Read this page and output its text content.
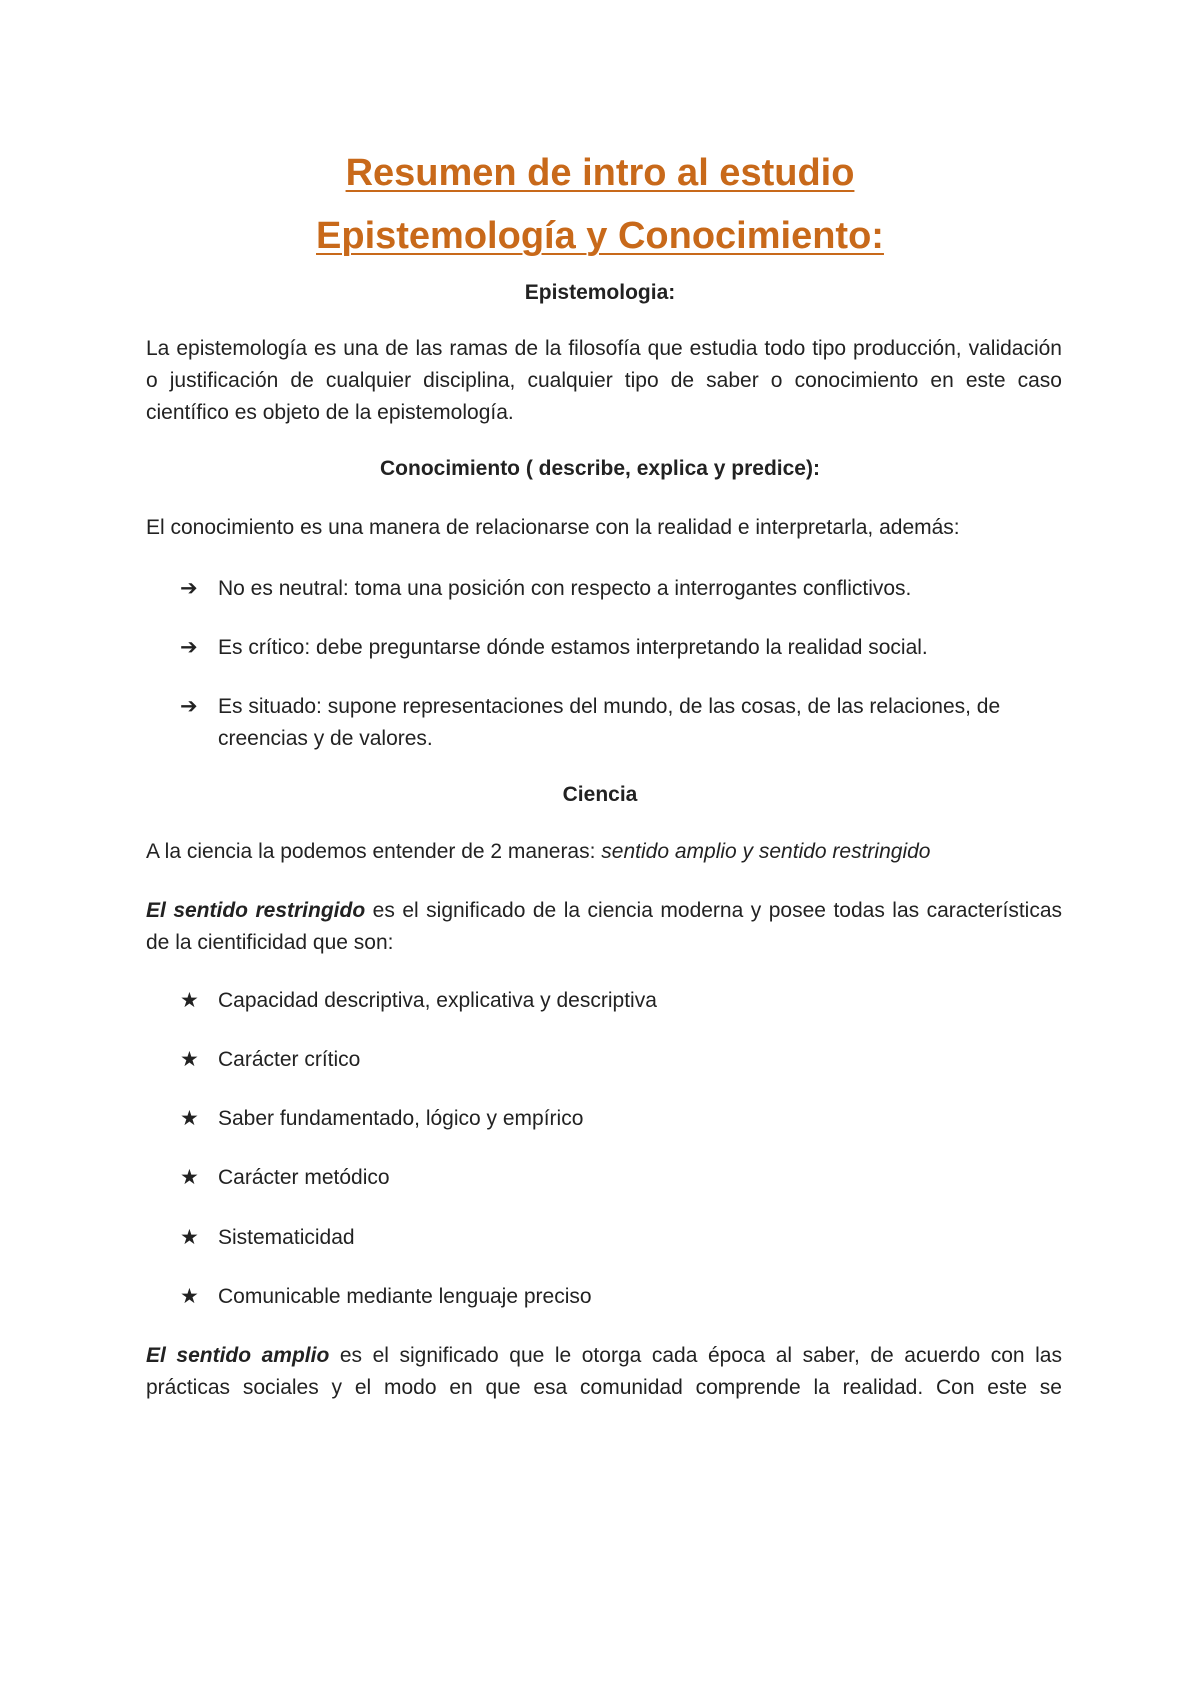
Resumen de intro al estudio
Epistemología y Conocimiento:
Epistemologia:

La epistemología es una de las ramas de la filosofía que estudia todo tipo producción, validación o justificación de cualquier disciplina, cualquier tipo de saber o conocimiento en este caso científico es objeto de la epistemología.

Conocimiento ( describe, explica y predice):

El conocimiento es una manera de relacionarse con la realidad e interpretarla, además:

➔ No es neutral: toma una posición con respecto a interrogantes conflictivos.
➔ Es crítico: debe preguntarse dónde estamos interpretando la realidad social.
➔ Es situado: supone representaciones del mundo, de las cosas, de las relaciones, de creencias y de valores.
Ciencia

A la ciencia la podemos entender de 2 maneras: sentido amplio y sentido restringido

El sentido restringido es el significado de la ciencia moderna y posee todas las características de la cientificidad que son:

★ Capacidad descriptiva, explicativa y descriptiva
★ Carácter crítico
★ Saber fundamentado, lógico y empírico
★ Carácter metódico
★ Sistematicidad
★ Comunicable mediante lenguaje preciso

El sentido amplio es el significado que le otorga cada época al saber, de acuerdo con las prácticas sociales y el modo en que esa comunidad comprende la realidad. Con este se
